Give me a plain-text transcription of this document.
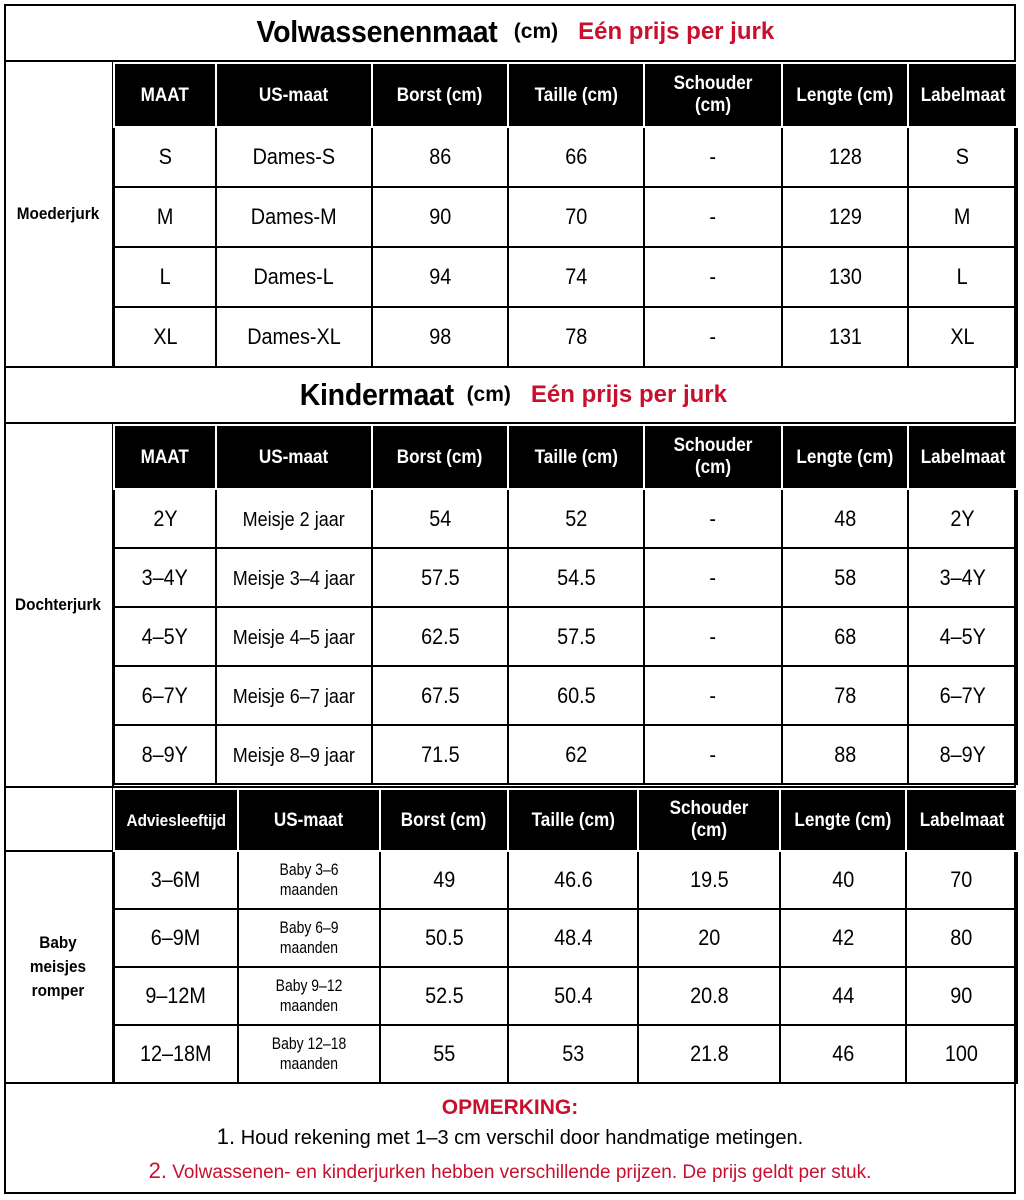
Volwassenenmaat (cm) Eén prijs per jurk
Moederjurk
MAAT	US-maat	Borst (cm)	Taille (cm)	Schouder (cm)	Lengte (cm)	Labelmaat
S	Dames-S	86	66	-	128	S
M	Dames-M	90	70	-	129	M
L	Dames-L	94	74	-	130	L
XL	Dames-XL	98	78	-	131	XL
Kindermaat (cm) Eén prijs per jurk
Dochterjurk
MAAT	US-maat	Borst (cm)	Taille (cm)	Schouder (cm)	Lengte (cm)	Labelmaat
2Y	Meisje 2 jaar	54	52	-	48	2Y
3–4Y	Meisje 3–4 jaar	57.5	54.5	-	58	3–4Y
4–5Y	Meisje 4–5 jaar	62.5	57.5	-	68	4–5Y
6–7Y	Meisje 6–7 jaar	67.5	60.5	-	78	6–7Y
8–9Y	Meisje 8–9 jaar	71.5	62	-	88	8–9Y
Baby meisjes romper
Adviesleeftijd	US-maat	Borst (cm)	Taille (cm)	Schouder (cm)	Lengte (cm)	Labelmaat
3–6M	Baby 3–6 maanden	49	46.6	19.5	40	70
6–9M	Baby 6–9 maanden	50.5	48.4	20	42	80
9–12M	Baby 9–12 maanden	52.5	50.4	20.8	44	90
12–18M	Baby 12–18 maanden	55	53	21.8	46	100
OPMERKING:
1. Houd rekening met 1–3 cm verschil door handmatige metingen.
2. Volwassenen- en kinderjurken hebben verschillende prijzen. De prijs geldt per stuk.
